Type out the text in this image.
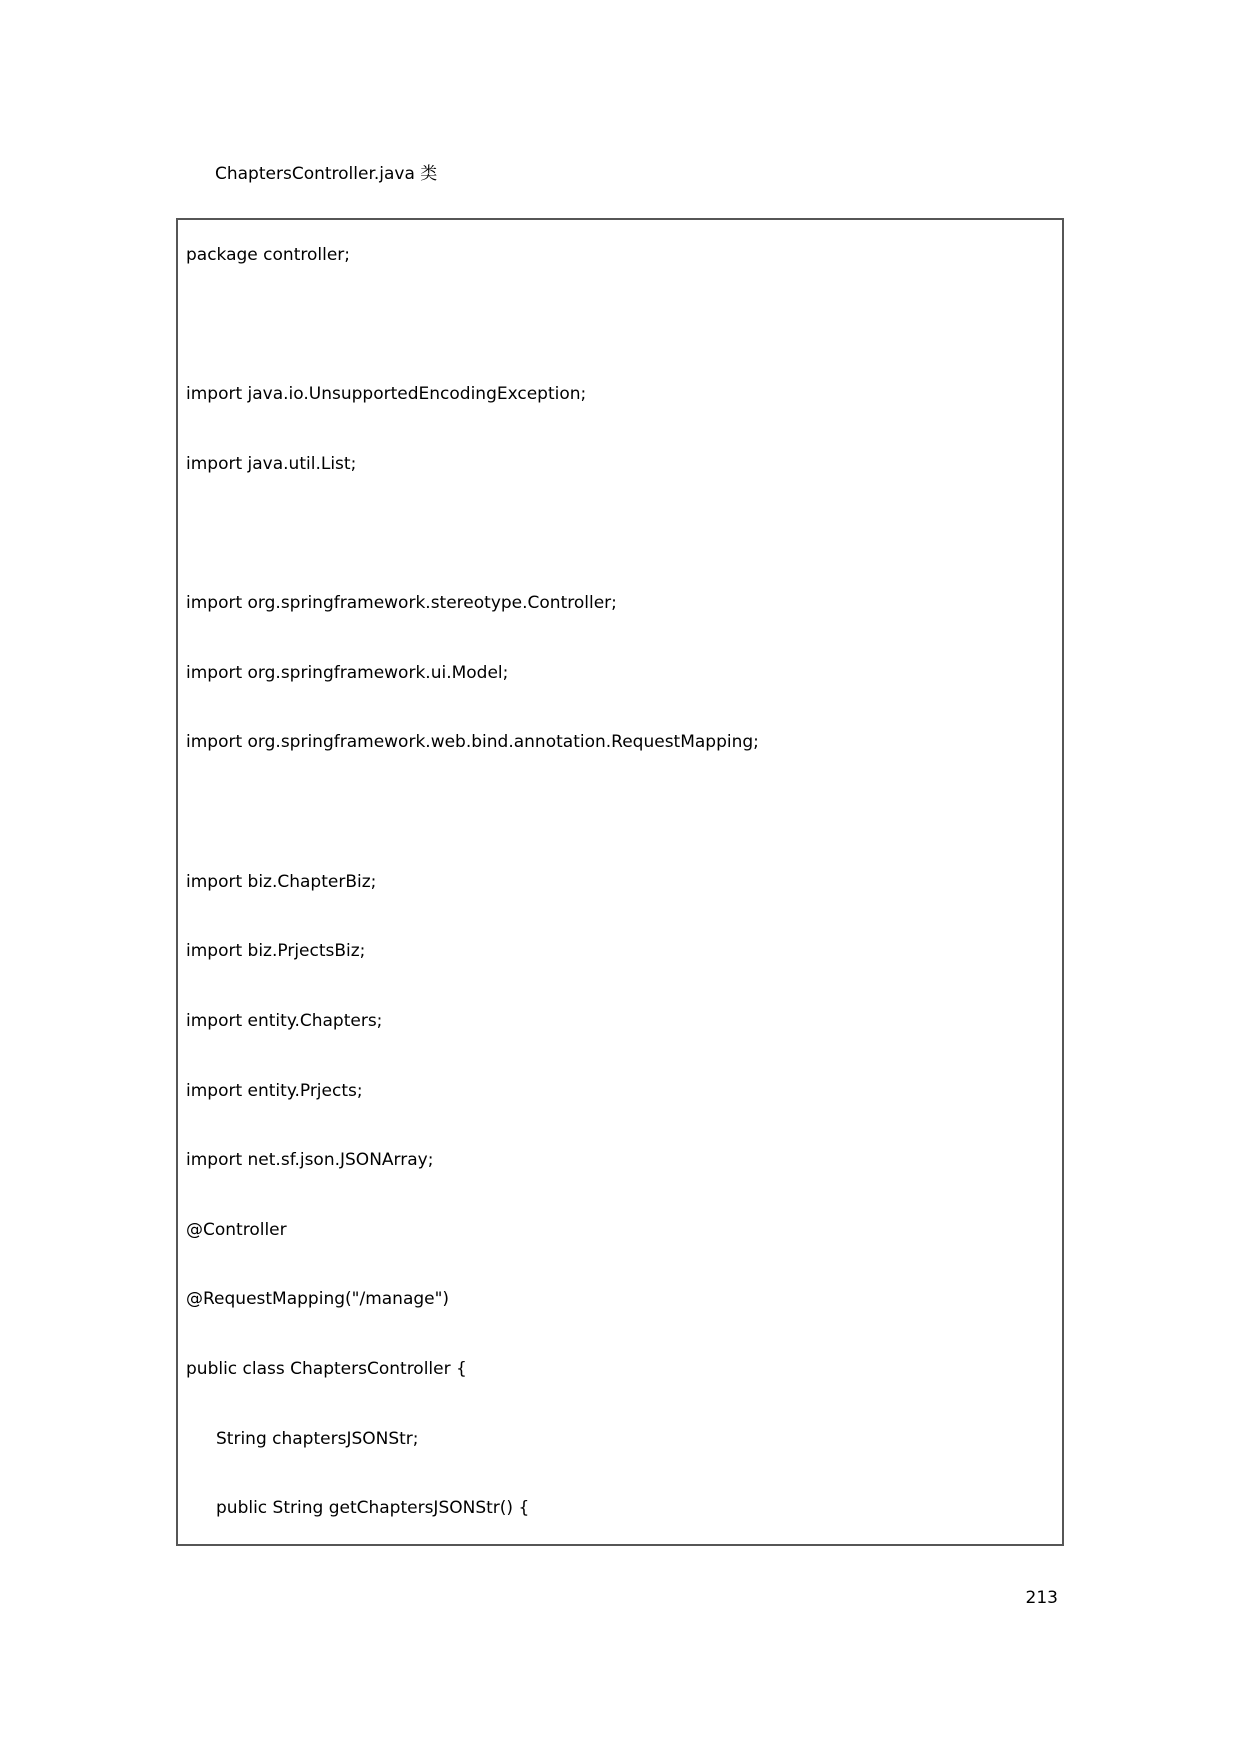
ChaptersController.java 类
package controller;
import java.io.UnsupportedEncodingException;
import java.util.List;
import org.springframework.stereotype.Controller;
import org.springframework.ui.Model;
import org.springframework.web.bind.annotation.RequestMapping;
import biz.ChapterBiz;
import biz.PrjectsBiz;
import entity.Chapters;
import entity.Prjects;
import net.sf.json.JSONArray;
@Controller
@RequestMapping("/manage")
public class ChaptersController {
String chaptersJSONStr;
public String getChaptersJSONStr() {
213
